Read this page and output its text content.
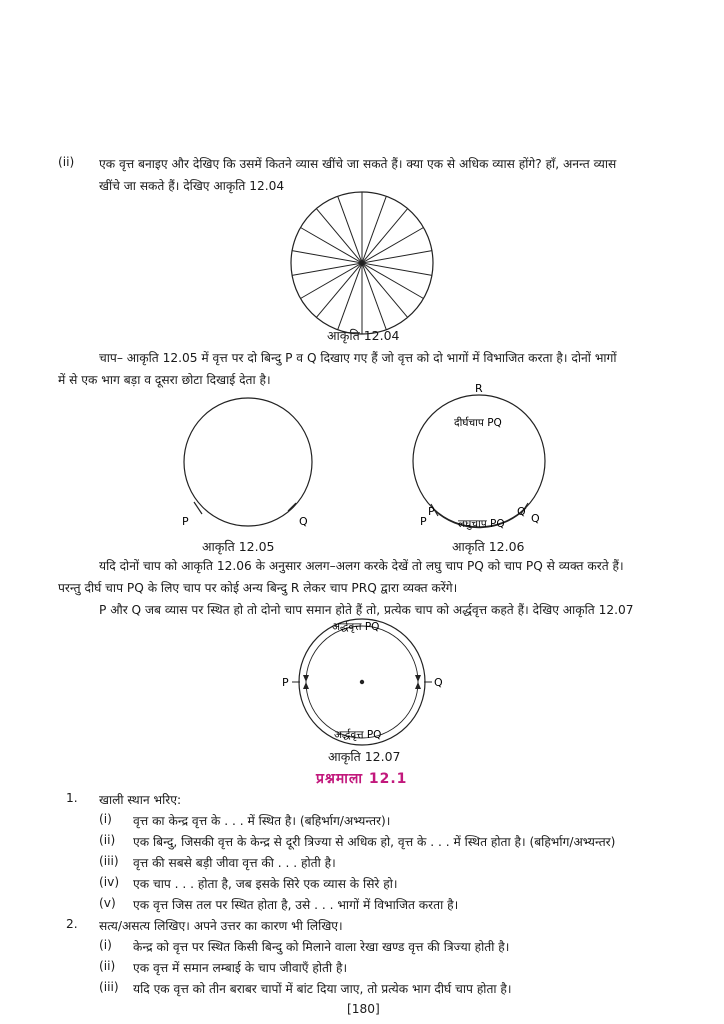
(ii) एक वृत्त बनाइए और देखिए कि उसमें कितने व्यास खींचे जा सकते हैं। क्या एक से अधिक व्यास होंगे? हाँ, अनन्त व्यास
खींचे जा सकते हैं। देखिए आकृति 12.04
आकृति 12.04
चाप– आकृति 12.05 में वृत्त पर दो बिन्दु P व Q दिखाए गए हैं जो वृत्त को दो भागों में विभाजित करता है। दोनों भागों
में से एक भाग बड़ा व दूसरा छोटा दिखाई देता है।
P	Q
आकृति 12.05
R
दीर्घचाप PQ
लघुचाप PQ
P
P
Q
Q
आकृति 12.06
यदि दोनों चाप को आकृति 12.06 के अनुसार अलग–अलग करके देखें तो लघु चाप PQ को चाप PQ से व्यक्त करते हैं।
परन्तु दीर्घ चाप PQ के लिए चाप पर कोई अन्य बिन्दु R लेकर चाप PRQ द्वारा व्यक्त करेंगे।
P और Q जब व्यास पर स्थित हो तो दोनो चाप समान होते हैं तो, प्रत्येक चाप को अर्द्धवृत्त कहते हैं। देखिए आकृति 12.07
अर्द्धवृत्त PQ
अर्द्धवृत्त PQ
P	Q
आकृति 12.07
प्रश्नमाला 12.1
1. खाली स्थान भरिए:
(i) वृत्त का केन्द्र वृत्त के . . . में स्थित है। (बहिर्भाग/अभ्यन्तर)।
(ii) एक बिन्दु, जिसकी वृत्त के केन्द्र से दूरी त्रिज्या से अधिक हो, वृत्त के . . . में स्थित होता है। (बहिर्भाग/अभ्यन्तर)
(iii) वृत्त की सबसे बड़ी जीवा वृत्त की . . . होती है।
(iv) एक चाप . . . होता है, जब इसके सिरे एक व्यास के सिरे हो।
(v) एक वृत्त जिस तल पर स्थित होता है, उसे . . . भागों में विभाजित करता है।
2. सत्य/असत्य लिखिए। अपने उत्तर का कारण भी लिखिए।
(i) केन्द्र को वृत्त पर स्थित किसी बिन्दु को मिलाने वाला रेखा खण्ड वृत्त की त्रिज्या होती है।
(ii) एक वृत्त में समान लम्बाई के चाप जीवाएँ होती है।
(iii) यदि एक वृत्त को तीन बराबर चापों में बांट दिया जाए, तो प्रत्येक भाग दीर्घ चाप होता है।
[180]
